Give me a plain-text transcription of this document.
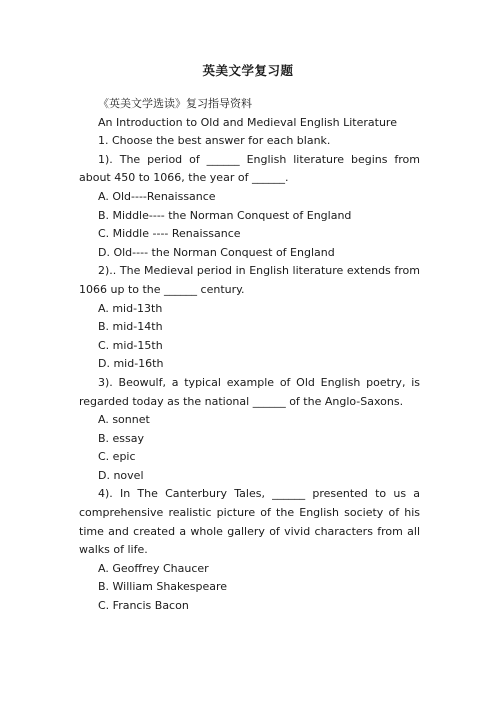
英美文学复习题

《英美文学选读》复习指导资料

An Introduction to Old and Medieval English Literature

1. Choose the best answer for each blank.

1). The period of ______ English literature begins from about 450 to 1066, the year of ______.

A. Old----Renaissance

B. Middle---- the Norman Conquest of England

C. Middle ---- Renaissance

D. Old---- the Norman Conquest of England

2).. The Medieval period in English literature extends from 1066 up to the ______ century.

A. mid-13th

B. mid-14th

C. mid-15th

D. mid-16th

3). Beowulf, a typical example of Old English poetry, is regarded today as the national ______ of the Anglo-Saxons.

A. sonnet

B. essay

C. epic

D. novel

4). In The Canterbury Tales, ______ presented to us a comprehensive realistic picture of the English society of his time and created a whole gallery of vivid characters from all walks of life.

A. Geoffrey Chaucer

B. William Shakespeare

C. Francis Bacon
